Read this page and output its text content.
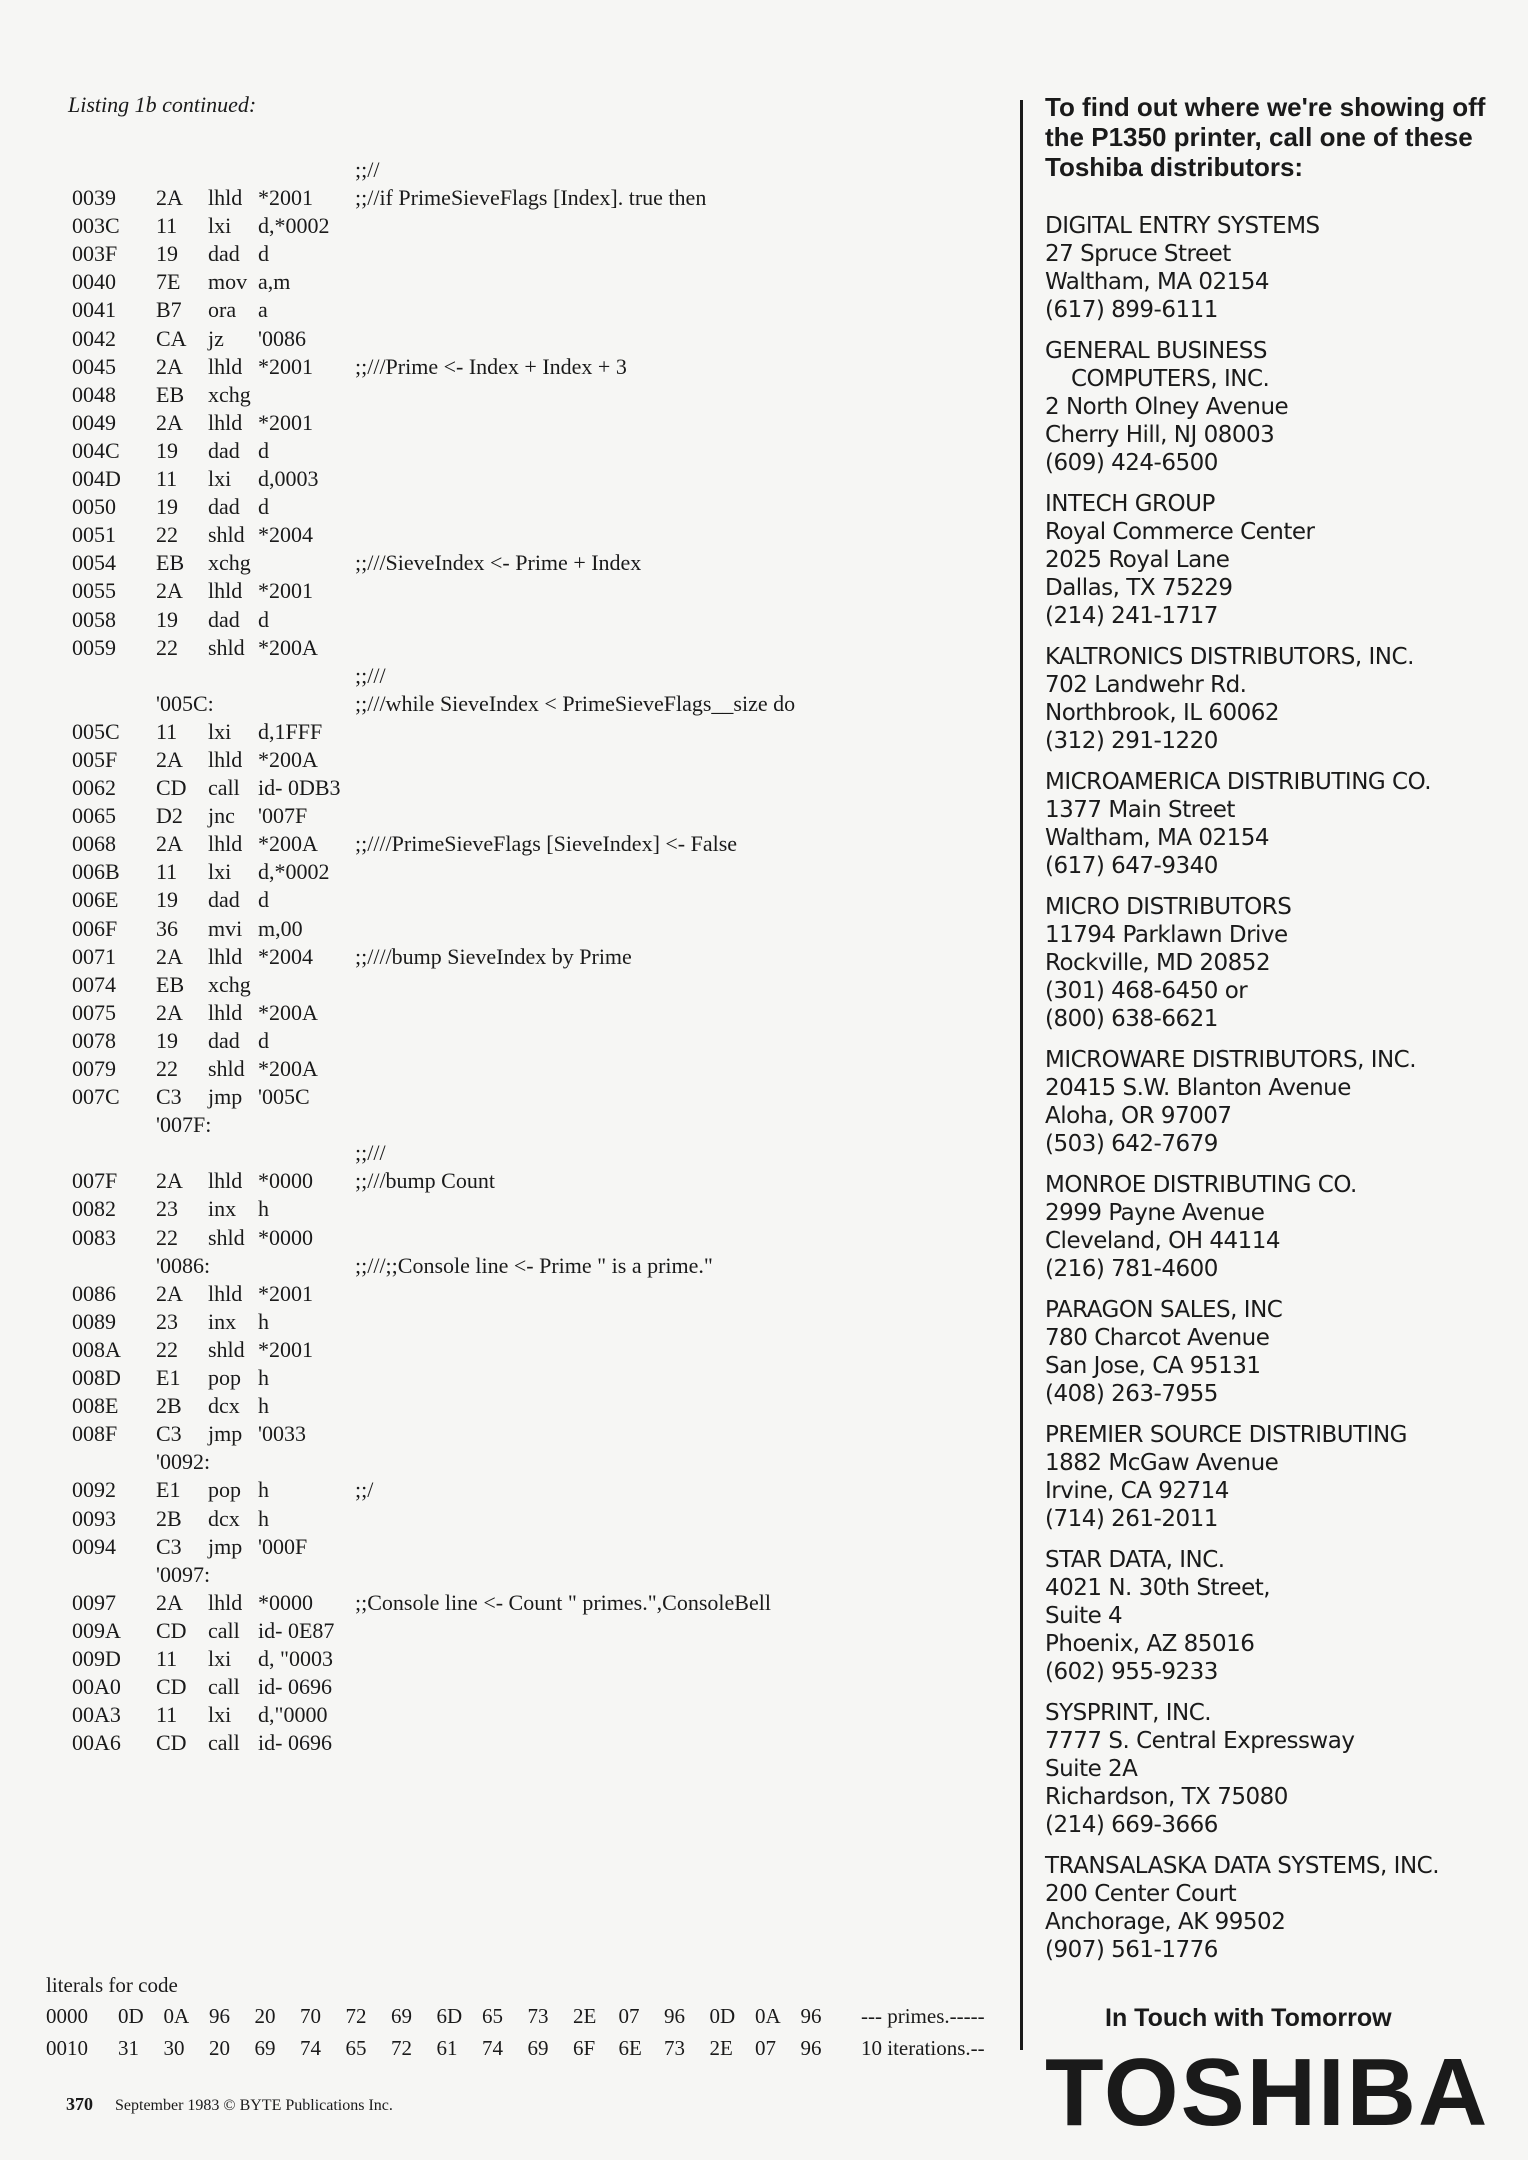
Listing 1b continued:
;;//
0039 2A lhld *2001 ;;//if PrimeSieveFlags [Index]. true then
003C 11 lxi d,*0002
003F 19 dad d
0040 7E mov a,m
0041 B7 ora a
0042 CA jz '0086
0045 2A lhld *2001 ;;///Prime <- Index + Index + 3
0048 EB xchg
0049 2A lhld *2001
004C 19 dad d
004D 11 lxi d,0003
0050 19 dad d
0051 22 shld *2004
0054 EB xchg	;;///SieveIndex <- Prime + Index
0055 2A lhld *2001
0058 19 dad d
0059 22 shld *200A
;;///
'005C:	;;///while SieveIndex < PrimeSieveFlags__size do
005C 11 lxi d,1FFF
005F 2A lhld *200A
0062 CD call id- 0DB3
0065 D2 jnc '007F
0068 2A lhld *200A ;;////PrimeSieveFlags [SieveIndex] <- False
006B 11 lxi d,*0002
006E 19 dad d
006F 36 mvi m,00
0071 2A lhld *2004 ;;////bump SieveIndex by Prime
0074 EB xchg
0075 2A lhld *200A
0078 19 dad d
0079 22 shld *200A
007C C3 jmp '005C
'007F:
;;///
007F 2A lhld *0000 ;;///bump Count
0082 23 inx h
0083 22 shld *0000
'0086:	;;///;;Console line <- Prime " is a prime."
0086 2A lhld *2001
0089 23 inx h
008A 22 shld *2001
008D E1 pop h
008E 2B dcx h
008F C3 jmp '0033
'0092:
0092 E1 pop h	;;/
0093 2B dcx h
0094 C3 jmp '000F
'0097:
0097 2A lhld *0000 ;;Console line <- Count " primes.",ConsoleBell
009A CD call id- 0E87
009D 11 lxi d, "0003
00A0 CD call id- 0696
00A3 11 lxi d,"0000
00A6 CD call id- 0696
literals for code
0000 0D 0A 96 20 70 72 69 6D 65 73 2E 07 96 0D 0A 96 --- primes.-----
0010 31 30 20 69 74 65 72 61 74 69 6F 6E 73 2E 07 96 10 iterations.--
370 September 1983 © BYTE Publications Inc.
To find out where we're showing off
the P1350 printer, call one of these
Toshiba distributors:
DIGITAL ENTRY SYSTEMS
27 Spruce Street
Waltham, MA 02154
(617) 899-6111
GENERAL BUSINESS
COMPUTERS, INC.
2 North Olney Avenue
Cherry Hill, NJ 08003
(609) 424-6500
INTECH GROUP
Royal Commerce Center
2025 Royal Lane
Dallas, TX 75229
(214) 241-1717
KALTRONICS DISTRIBUTORS, INC.
702 Landwehr Rd.
Northbrook, IL 60062
(312) 291-1220
MICROAMERICA DISTRIBUTING CO.
1377 Main Street
Waltham, MA 02154
(617) 647-9340
MICRO DISTRIBUTORS
11794 Parklawn Drive
Rockville, MD 20852
(301) 468-6450 or
(800) 638-6621
MICROWARE DISTRIBUTORS, INC.
20415 S.W. Blanton Avenue
Aloha, OR 97007
(503) 642-7679
MONROE DISTRIBUTING CO.
2999 Payne Avenue
Cleveland, OH 44114
(216) 781-4600
PARAGON SALES, INC
780 Charcot Avenue
San Jose, CA 95131
(408) 263-7955
PREMIER SOURCE DISTRIBUTING
1882 McGaw Avenue
Irvine, CA 92714
(714) 261-2011
STAR DATA, INC.
4021 N. 30th Street,
Suite 4
Phoenix, AZ 85016
(602) 955-9233
SYSPRINT, INC.
7777 S. Central Expressway
Suite 2A
Richardson, TX 75080
(214) 669-3666
TRANSALASKA DATA SYSTEMS, INC.
200 Center Court
Anchorage, AK 99502
(907) 561-1776
In Touch with Tomorrow
TOSHIBA
